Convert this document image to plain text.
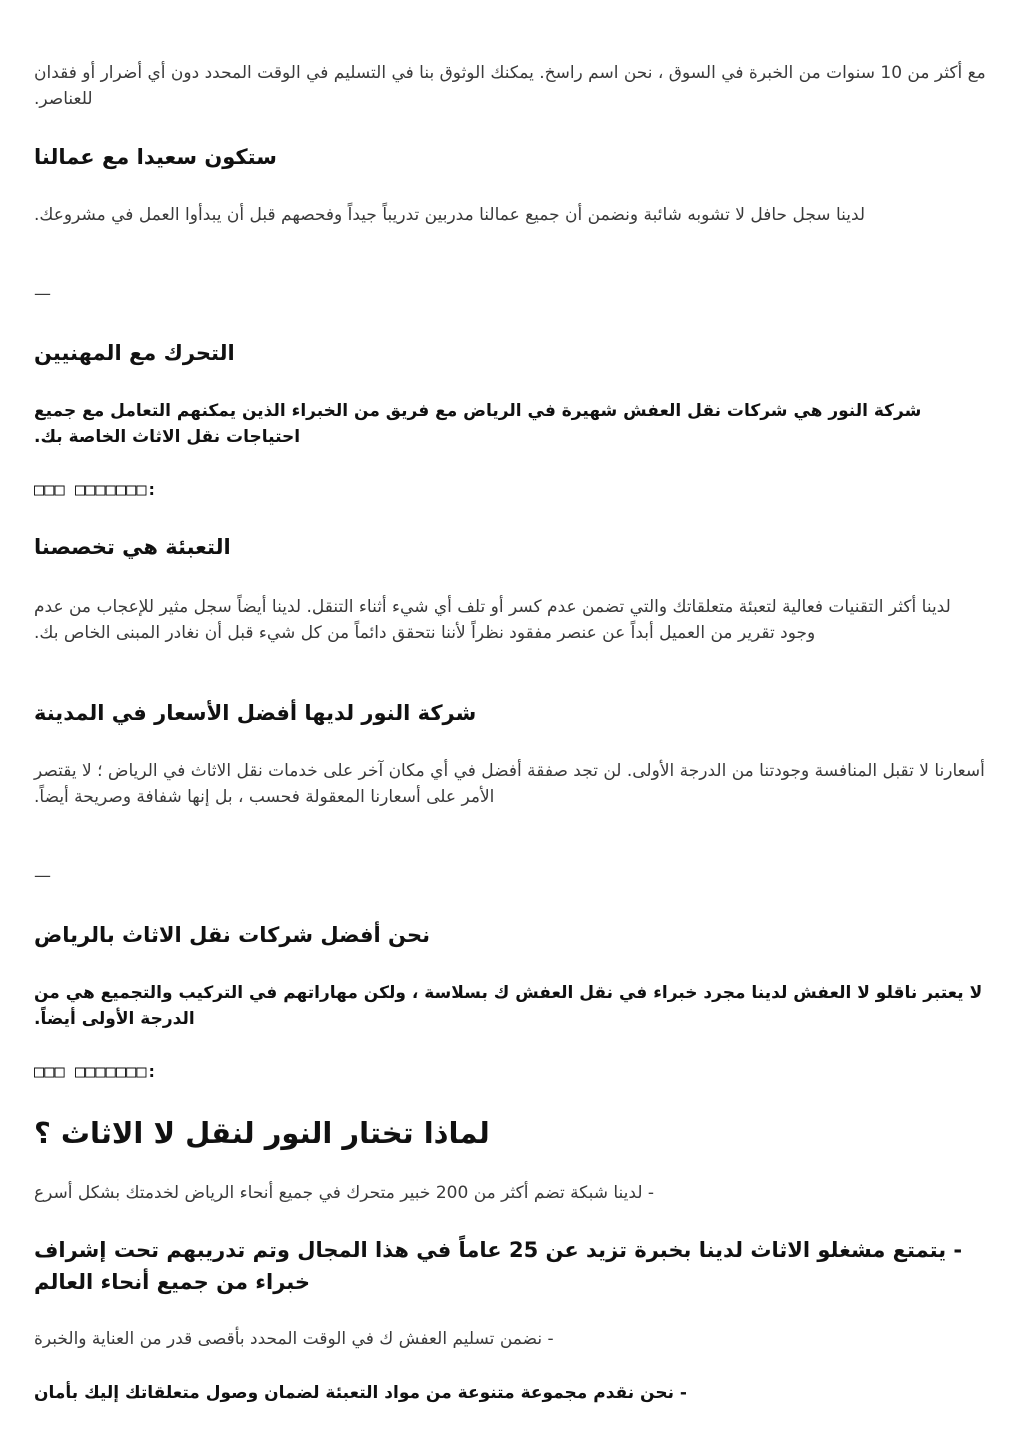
مع أكثر من 10 سنوات من الخبرة في السوق ، نحن اسم راسخ. يمكنك الوثوق بنا في التسليم في الوقت المحدد دون أي أضرار أو فقدان للعناصر.

ستكون سعيدا مع عمالنا

لدينا سجل حافل لا تشوبه شائبة ونضمن أن جميع عمالنا مدربين تدريباً جيداً وفحصهم قبل أن يبدأوا العمل في مشروعك.

—
التحرك مع المهنيين

شركة النور هي شركات نقل العفش شهيرة في الرياض مع فريق من الخبراء الذين يمكنهم التعامل مع جميع احتياجات نقل الاثاث الخاصة بك.

□□□ □□□□□□□:
التعبئة هي تخصصنا

لدينا أكثر التقنيات فعالية لتعبئة متعلقاتك والتي تضمن عدم كسر أو تلف أي شيء أثناء التنقل. لدينا أيضاً سجل مثير للإعجاب من عدم وجود تقرير من العميل أبداً عن عنصر مفقود نظراً لأننا نتحقق دائماً من كل شيء قبل أن نغادر المبنى الخاص بك.

شركة النور لديها أفضل الأسعار في المدينة

أسعارنا لا تقبل المنافسة وجودتنا من الدرجة الأولى. لن تجد صفقة أفضل في أي مكان آخر على خدمات نقل الاثاث في الرياض ؛ لا يقتصر الأمر على أسعارنا المعقولة فحسب ، بل إنها شفافة وصريحة أيضاً.

—
نحن أفضل شركات نقل الاثاث بالرياض

لا يعتبر ناقلو لا العفش لدينا مجرد خبراء في نقل العفش ك بسلاسة ، ولكن مهاراتهم في التركيب والتجميع هي من الدرجة الأولى أيضاً.

□□□ □□□□□□□:
لماذا تختار النور لنقل لا الاثاث ؟

- لدينا شبكة تضم أكثر من 200 خبير متحرك في جميع أنحاء الرياض لخدمتك بشكل أسرع

- يتمتع مشغلو الاثاث لدينا بخبرة تزيد عن 25 عاماً في هذا المجال وتم تدريبهم تحت إشراف خبراء من جميع أنحاء العالم

- نضمن تسليم العفش ك في الوقت المحدد بأقصى قدر من العناية والخبرة

- نحن نقدم مجموعة متنوعة من مواد التعبئة لضمان وصول متعلقاتك إليك بأمان
